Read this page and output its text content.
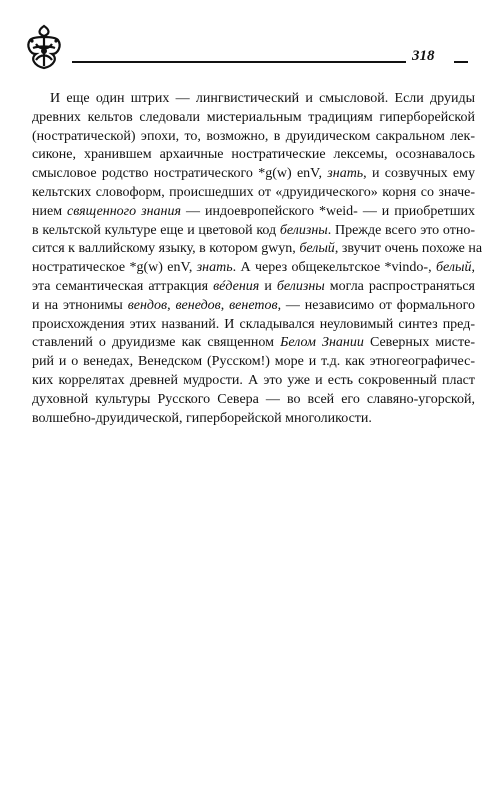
318
И еще один штрих — лингвистический и смысловой. Если друиды
древних кельтов следовали мистериальным традициям гиперборейской
(ностратической) эпохи, то, возможно, в друидическом сакральном лек-
сиконе, хранившем архаичные ностратические лексемы, осознавалось
смысловое родство ностратического *g(w) enV, знать, и созвучных ему
кельтских словоформ, происшедших от «друидического» корня со значе-
нием священного знания — индоевропейского *weid- — и приобретших
в кельтской культуре еще и цветовой код белизны. Прежде всего это отно-
сится к валлийскому языку, в котором gwyn, белый, звучит очень похоже на
ностратическое *g(w) enV, знать. А через общекельтское *vindo-, белый,
эта семантическая аттракция вéдения и белизны могла распространяться
и на этнонимы вендов, венедов, венетов, — независимо от формального
происхождения этих названий. И складывался неуловимый синтез пред-
ставлений о друидизме как священном Белом Знании Северных мисте-
рий и о венедах, Венедском (Русском!) море и т.д. как этногеографичес-
ких коррелятах древней мудрости. А это уже и есть сокровенный пласт
духовной культуры Русского Севера — во всей его славяно-угорской,
волшебно-друидической, гиперборейской многоликости.
